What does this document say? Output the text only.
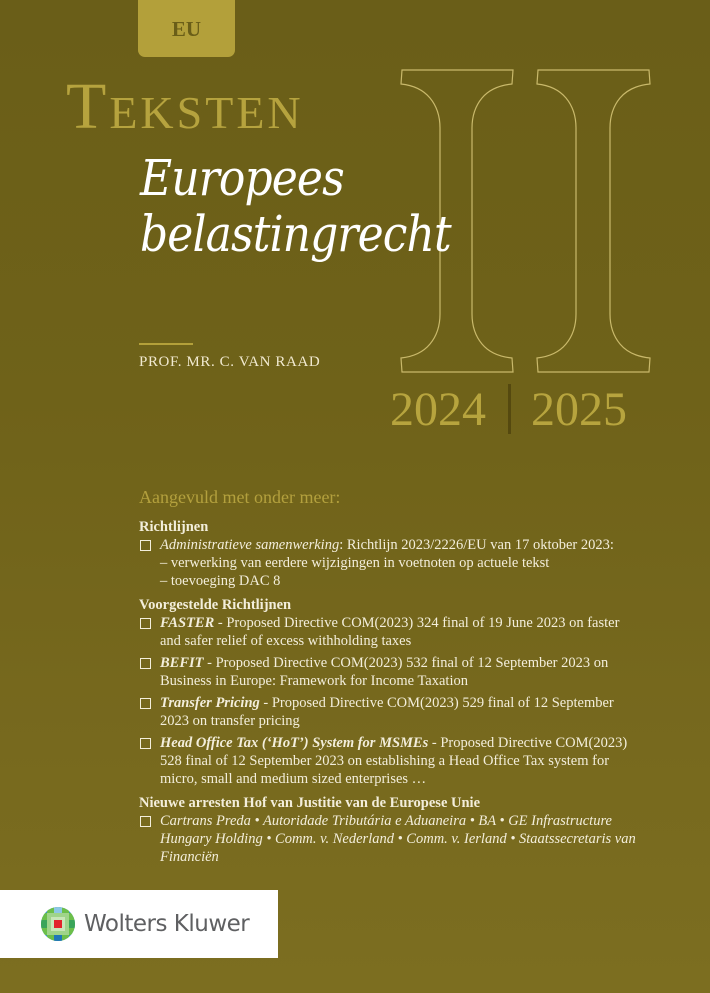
EU
Teksten
Europees
belastingrecht
PROF. MR. C. VAN RAAD
2024 2025
Aangevuld met onder meer:
Richtlijnen
Administratieve samenwerking: Richtlijn 2023/2226/EU van 17 oktober 2023:
– verwerking van eerdere wijzigingen in voetnoten op actuele tekst
– toevoeging DAC 8
Voorgestelde Richtlijnen
FASTER - Proposed Directive COM(2023) 324 final of 19 June 2023 on faster and safer relief of excess withholding taxes
BEFIT - Proposed Directive COM(2023) 532 final of 12 September 2023 on Business in Europe: Framework for Income Taxation
Transfer Pricing - Proposed Directive COM(2023) 529 final of 12 September 2023 on transfer pricing
Head Office Tax (‘HoT’) System for MSMEs - Proposed Directive COM(2023) 528 final of 12 September 2023 on establishing a Head Office Tax system for micro, small and medium sized enterprises …
Nieuwe arresten Hof van Justitie van de Europese Unie
Cartrans Preda • Autoridade Tributária e Aduaneira • BA • GE Infrastructure Hungary Holding • Comm. v. Nederland • Comm. v. Ierland • Staatssecretaris van Financiën
Wolters Kluwer
